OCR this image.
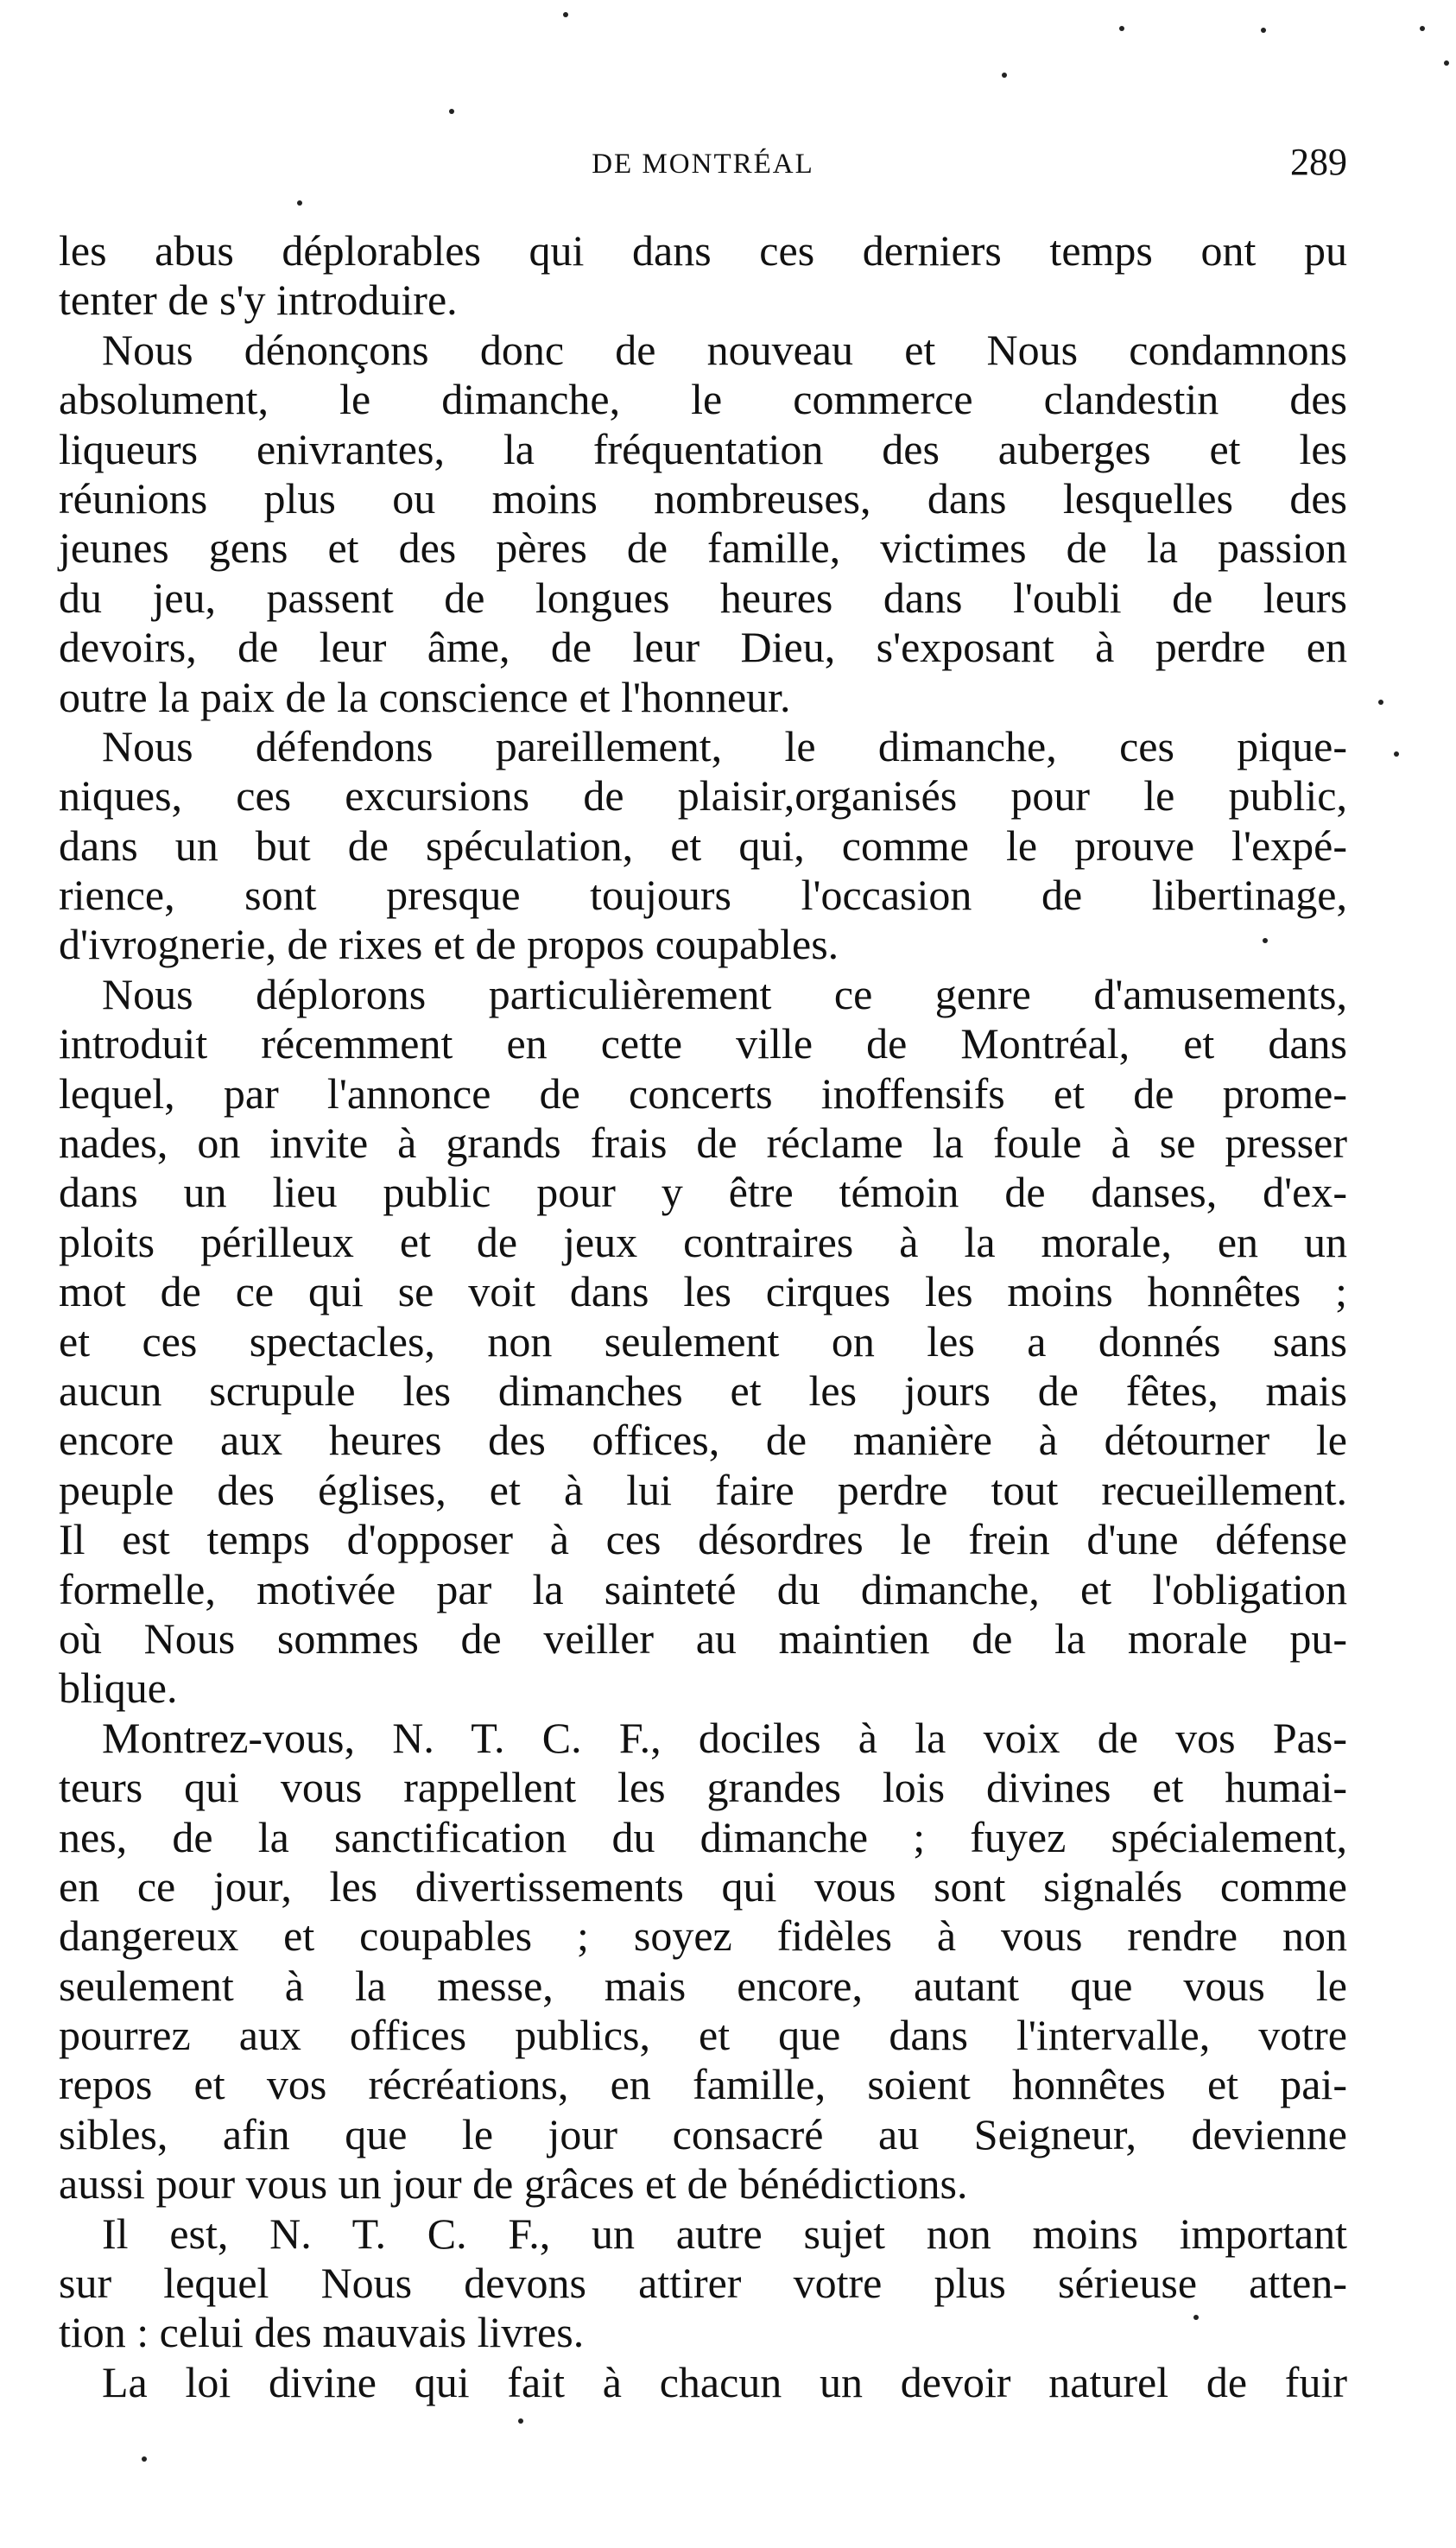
DE MONTRÉAL	289
les abus déplorables qui dans ces derniers temps ont pu
tenter de s'y introduire.
Nous dénonçons donc de nouveau et Nous condamnons
absolument, le dimanche, le commerce clandestin des
liqueurs enivrantes, la fréquentation des auberges et les
réunions plus ou moins nombreuses, dans lesquelles des
jeunes gens et des pères de famille, victimes de la passion
du jeu, passent de longues heures dans l'oubli de leurs
devoirs, de leur âme, de leur Dieu, s'exposant à perdre en
outre la paix de la conscience et l'honneur.
Nous défendons pareillement, le dimanche, ces pique-
niques, ces excursions de plaisir,organisés pour le public,
dans un but de spéculation, et qui, comme le prouve l'expé-
rience, sont presque toujours l'occasion de libertinage,
d'ivrognerie, de rixes et de propos coupables.
Nous déplorons particulièrement ce genre d'amusements,
introduit récemment en cette ville de Montréal, et dans
lequel, par l'annonce de concerts inoffensifs et de prome-
nades, on invite à grands frais de réclame la foule à se presser
dans un lieu public pour y être témoin de danses, d'ex-
ploits périlleux et de jeux contraires à la morale, en un
mot de ce qui se voit dans les cirques les moins honnêtes ;
et ces spectacles, non seulement on les a donnés sans
aucun scrupule les dimanches et les jours de fêtes, mais
encore aux heures des offices, de manière à détourner le
peuple des églises, et à lui faire perdre tout recueillement.
Il est temps d'opposer à ces désordres le frein d'une défense
formelle, motivée par la sainteté du dimanche, et l'obligation
où Nous sommes de veiller au maintien de la morale pu-
blique.
Montrez-vous, N. T. C. F., dociles à la voix de vos Pas-
teurs qui vous rappellent les grandes lois divines et humai-
nes, de la sanctification du dimanche ; fuyez spécialement,
en ce jour, les divertissements qui vous sont signalés comme
dangereux et coupables ; soyez fidèles à vous rendre non
seulement à la messe, mais encore, autant que vous le
pourrez aux offices publics, et que dans l'intervalle, votre
repos et vos récréations, en famille, soient honnêtes et pai-
sibles, afin que le jour consacré au Seigneur, devienne
aussi pour vous un jour de grâces et de bénédictions.
Il est, N. T. C. F., un autre sujet non moins important
sur lequel Nous devons attirer votre plus sérieuse atten-
tion : celui des mauvais livres.
La loi divine qui fait à chacun un devoir naturel de fuir
